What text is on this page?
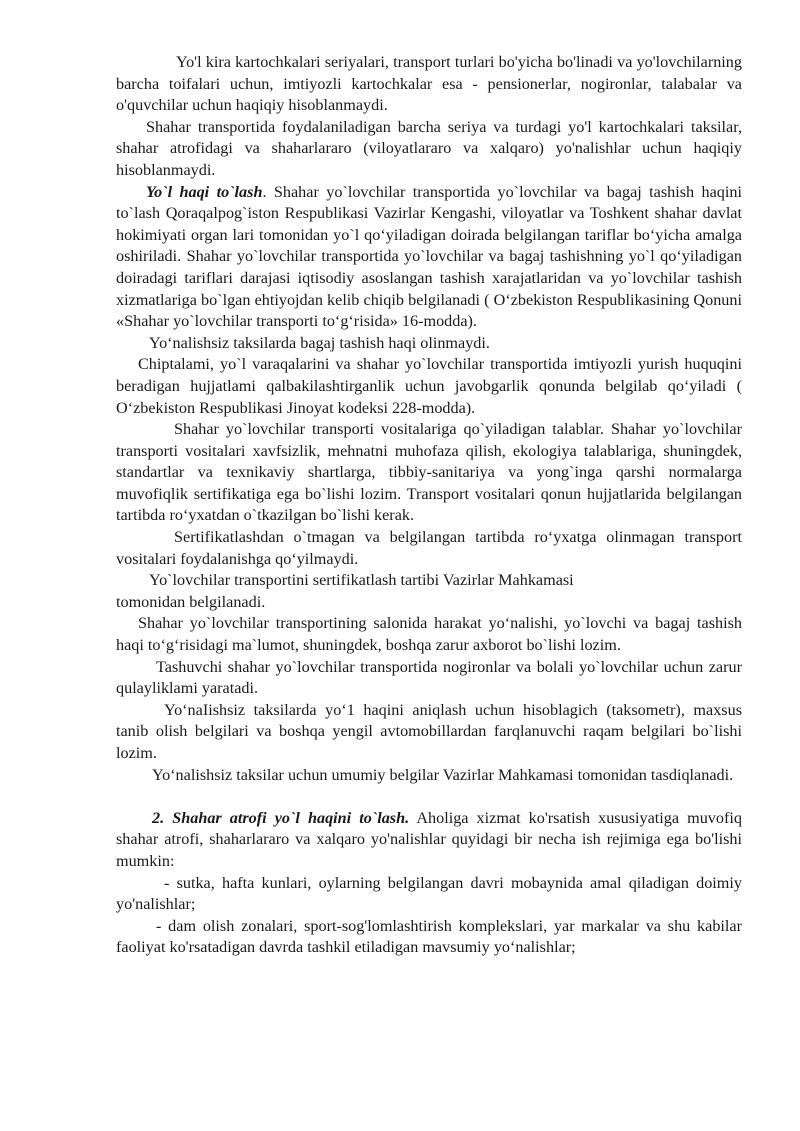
Yo'l kira kartochkalari seriyalari, transport turlari bo'yicha bo'linadi va yo'lovchilarning barcha toifalari uchun, imtiyozli kartochkalar esa - pensionerlar, nogironlar, talabalar va o'quvchilar uchun haqiqiy hisoblanmaydi.

Shahar transportida foydalaniladigan barcha seriya va turdagi yo'l kartochkalari taksilar, shahar atrofidagi va shaharlararo (viloyatlararo va xalqaro) yo'nalishlar uchun haqiqiy hisoblanmaydi.

Yo`l haqi to`lash. Shahar yo`lovchilar transportida yo`lovchilar va bagaj tashish haqini to`lash Qoraqalpog`iston Respublikasi Vazirlar Kengashi, viloyatlar va Toshkent shahar davlat hokimiyati organ lari tomonidan yo`l qo‘yiladigan doirada belgilangan tariflar bo‘yicha amalga oshiriladi. Shahar yo`lovchilar transportida yo`lovchilar va bagaj tashishning yo`l qo‘yiladigan doiradagi tariflari darajasi iqtisodiy asoslangan tashish xarajatlaridan va yo`lovchilar tashish xizmatlariga bo`lgan ehtiyojdan kelib chiqib belgilanadi ( O‘zbekiston Respublikasining Qonuni «Shahar yo`lovchilar transporti to‘g‘risida» 16-modda).

Yo‘nalishsiz taksilarda bagaj tashish haqi olinmaydi.

Chiptalami, yo`l varaqalarini va shahar yo`lovchilar transportida imtiyozli yurish huquqini beradigan hujjatlami qalbakilashtirganlik uchun javobgarlik qonunda belgilab qo‘yiladi ( O‘zbekiston Respublikasi Jinoyat kodeksi 228-modda).

Shahar yo`lovchilar transporti vositalariga qo`yiladigan talablar. Shahar yo`lovchilar transporti vositalari xavfsizlik, mehnatni muhofaza qilish, ekologiya talablariga, shuningdek, standartlar va texnikaviy shartlarga, tibbiy-sanitariya va yong`inga qarshi normalarga muvofiqlik sertifikatiga ega bo`lishi lozim. Transport vositalari qonun hujjatlarida belgilangan tartibda ro‘yxatdan o`tkazilgan bo`lishi kerak.

Sertifikatlashdan o`tmagan va belgilangan tartibda ro‘yxatga olinmagan transport vositalari foydalanishga qo‘yilmaydi.

Yo`lovchilar transportini sertifikatlash tartibi Vazirlar Mahkamasi
tomonidan belgilanadi.

Shahar yo`lovchilar transportining salonida harakat yo‘nalishi, yo`lovchi va bagaj tashish haqi to‘g‘risidagi ma`lumot, shuningdek, boshqa zarur axborot bo`lishi lozim.

Tashuvchi shahar yo`lovchilar transportida nogironlar va bolali yo`lovchilar uchun zarur qulayliklami yaratadi.

Yo‘naIishsiz taksilarda yo‘1 haqini aniqlash uchun hisoblagich (taksometr), maxsus tanib olish belgilari va boshqa yengil avtomobillardan farqlanuvchi raqam belgilari bo`lishi lozim.

Yo‘nalishsiz taksilar uchun umumiy belgilar Vazirlar Mahkamasi tomonidan tasdiqlanadi.

2. Shahar atrofi yo`l haqini to`lash. Aholiga xizmat ko'rsatish xususiyatiga muvofiq shahar atrofi, shaharlararo va xalqaro yo'nalishlar quyidagi bir necha ish rejimiga ega bo'lishi mumkin:

- sutka, hafta kunlari, oylarning belgilangan davri mobaynida amal qiladigan doimiy yo'nalishlar;

- dam olish zonalari, sport-sog'lomlashtirish komplekslari, yar markalar va shu kabilar faoliyat ko'rsatadigan davrda tashkil etiladigan mavsumiy yo‘nalishlar;
